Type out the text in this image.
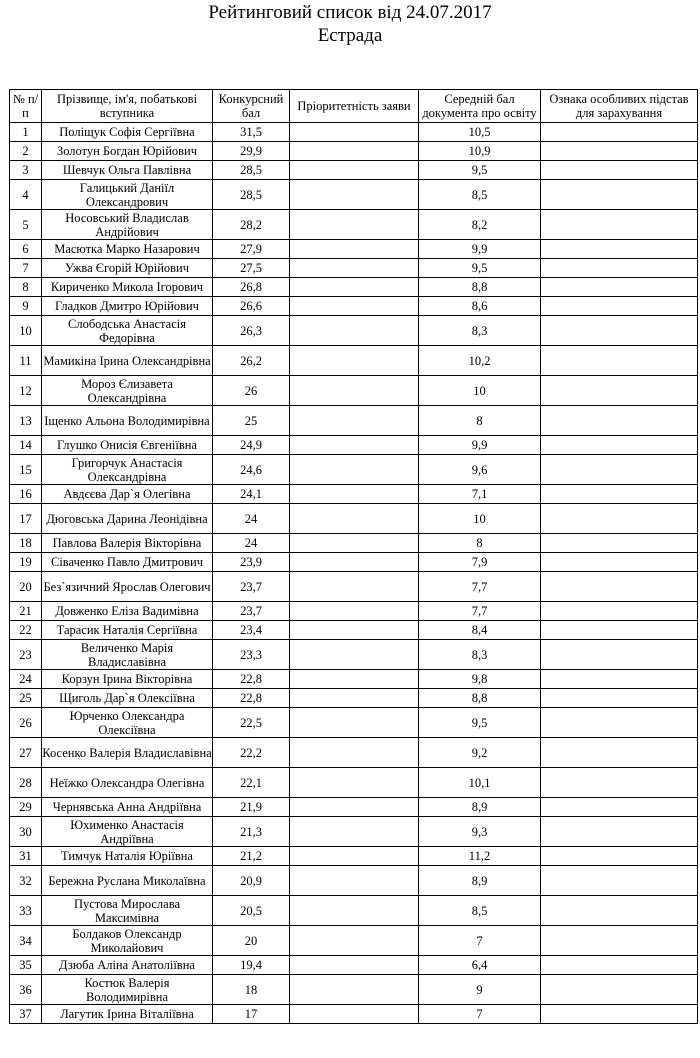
Рейтинговий список від 24.07.2017
Естрада
№ п/п	Прізвище, ім'я, побатькові вступника	Конкурсний бал	Пріоритетність заяви	Середній бал документа про освіту	Ознака особливих підстав для зарахування
1	Поліщук Софія Сергіївна	31,5		10,5	
2	Золотун Богдан Юрійович	29,9		10,9	
3	Шевчук Ольга Павлівна	28,5		9,5	
4	Галицький Даніїл Олександрович	28,5		8,5	
5	Носовський Владислав Андрійович	28,2		8,2	
6	Масютка Марко Назарович	27,9		9,9	
7	Ужва Єгорій Юрійович	27,5		9,5	
8	Кириченко Микола Ігорович	26,8		8,8	
9	Гладков Дмитро Юрійович	26,6		8,6	
10	Слободська Анастасія Федорівна	26,3		8,3	
11	Мамикіна Ірина Олександрівна	26,2		10,2	
12	Мороз Єлизавета Олександрівна	26		10	
13	Іщенко Альона Володимирівна	25		8	
14	Глушко Онисія Євгеніївна	24,9		9,9	
15	Григорчук Анастасія Олександрівна	24,6		9,6	
16	Авдєєва Дар`я Олегівна	24,1		7,1	
17	Дюговська Дарина Леонідівна	24		10	
18	Павлова Валерія Вікторівна	24		8	
19	Сіваченко Павло Дмитрович	23,9		7,9	
20	Без`язичний Ярослав Олегович	23,7		7,7	
21	Довженко Еліза Вадимівна	23,7		7,7	
22	Тарасик Наталія Сергіївна	23,4		8,4	
23	Величенко Марія Владиславівна	23,3		8,3	
24	Корзун Ірина Вікторівна	22,8		9,8	
25	Щиголь Дар`я Олексіївна	22,8		8,8	
26	Юрченко Олександра Олексіївна	22,5		9,5	
27	Косенко Валерія Владиславівна	22,2		9,2	
28	Неїжко Олександра Олегівна	22,1		10,1	
29	Чернявська Анна Андріївна	21,9		8,9	
30	Юхименко Анастасія Андріївна	21,3		9,3	
31	Тимчук Наталія Юріївна	21,2		11,2	
32	Бережна Руслана Миколаївна	20,9		8,9	
33	Пустова Мирослава Максимівна	20,5		8,5	
34	Болдаков Олександр Миколайович	20		7	
35	Дзюба Аліна Анатоліївна	19,4		6,4	
36	Костюк Валерія Володимирівна	18		9	
37	Лагутик Ірина Віталіївна	17		7	
